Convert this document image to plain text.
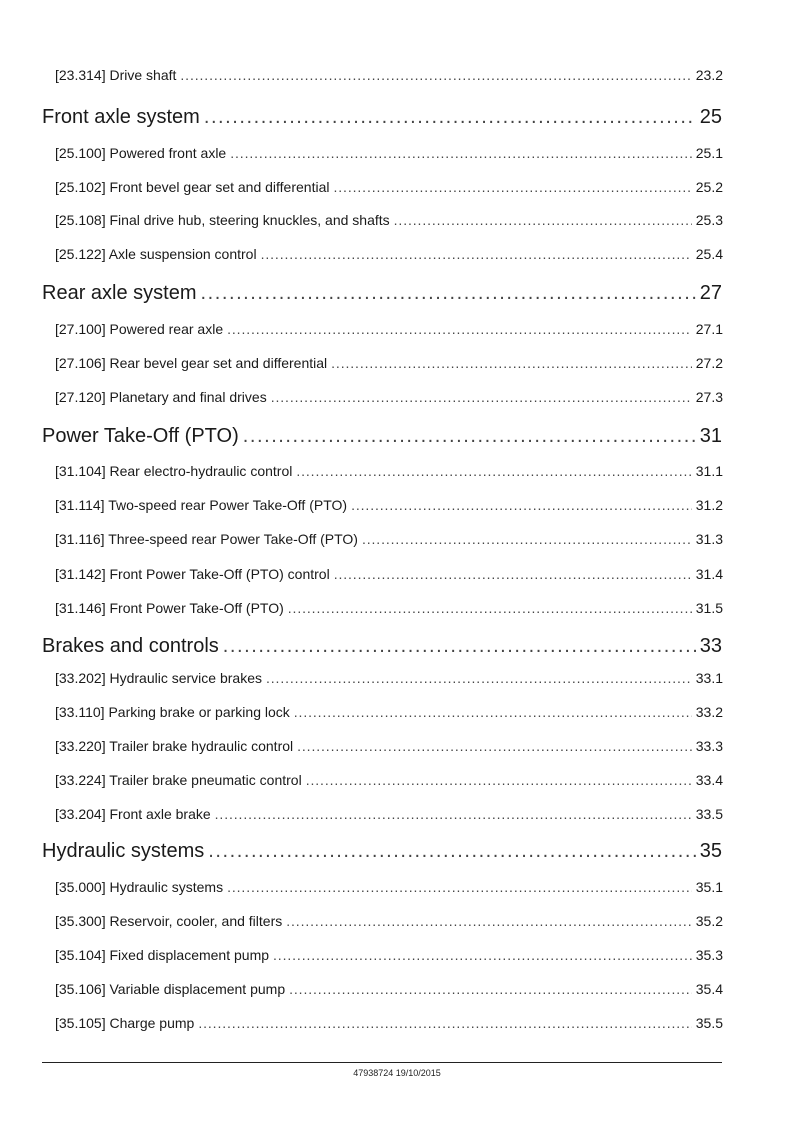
[23.314] Drive shaft . . .	23.2
Front axle system . . .	25
[25.100] Powered front axle . . .	25.1
[25.102] Front bevel gear set and differential . . .	25.2
[25.108] Final drive hub, steering knuckles, and shafts . . .	25.3
[25.122] Axle suspension control . . .	25.4
Rear axle system . . .	27
[27.100] Powered rear axle . . .	27.1
[27.106] Rear bevel gear set and differential . . .	27.2
[27.120] Planetary and final drives . . .	27.3
Power Take-Off (PTO) . . .	31
[31.104] Rear electro-hydraulic control . . .	31.1
[31.114] Two-speed rear Power Take-Off (PTO) . . .	31.2
[31.116] Three-speed rear Power Take-Off (PTO) . . .	31.3
[31.142] Front Power Take-Off (PTO) control . . .	31.4
[31.146] Front Power Take-Off (PTO) . . .	31.5
Brakes and controls . . .	33
[33.202] Hydraulic service brakes . . .	33.1
[33.110] Parking brake or parking lock . . .	33.2
[33.220] Trailer brake hydraulic control . . .	33.3
[33.224] Trailer brake pneumatic control . . .	33.4
[33.204] Front axle brake . . .	33.5
Hydraulic systems . . .	35
[35.000] Hydraulic systems . . .	35.1
[35.300] Reservoir, cooler, and filters . . .	35.2
[35.104] Fixed displacement pump . . .	35.3
[35.106] Variable displacement pump . . .	35.4
[35.105] Charge pump . . .	35.5
47938724 19/10/2015
